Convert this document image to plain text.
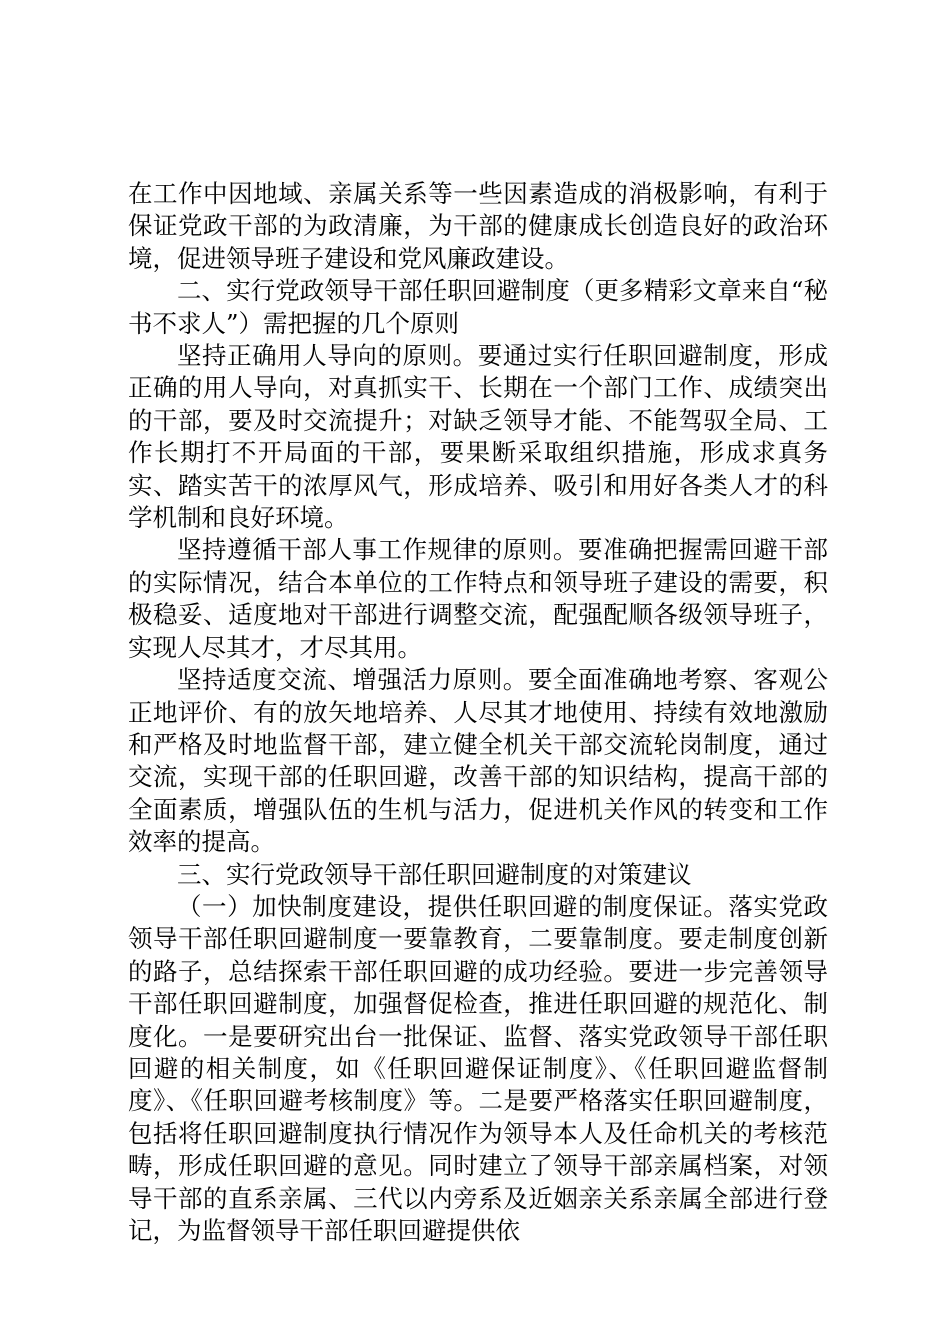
在工作中因地域、亲属关系等一些因素造成的消极影响，有利于保证党政干部的为政清廉，为干部的健康成长创造良好的政治环境，促进领导班子建设和党风廉政建设。

二、实行党政领导干部任职回避制度（更多精彩文章来自“秘书不求人”）需把握的几个原则

坚持正确用人导向的原则。要通过实行任职回避制度，形成正确的用人导向，对真抓实干、长期在一个部门工作、成绩突出的干部，要及时交流提升；对缺乏领导才能、不能驾驭全局、工作长期打不开局面的干部，要果断采取组织措施，形成求真务实、踏实苦干的浓厚风气，形成培养、吸引和用好各类人才的科学机制和良好环境。

坚持遵循干部人事工作规律的原则。要准确把握需回避干部的实际情况，结合本单位的工作特点和领导班子建设的需要，积极稳妥、适度地对干部进行调整交流，配强配顺各级领导班子，实现人尽其才，才尽其用。

坚持适度交流、增强活力原则。要全面准确地考察、客观公正地评价、有的放矢地培养、人尽其才地使用、持续有效地激励和严格及时地监督干部，建立健全机关干部交流轮岗制度，通过交流，实现干部的任职回避，改善干部的知识结构，提高干部的全面素质，增强队伍的生机与活力，促进机关作风的转变和工作效率的提高。

三、实行党政领导干部任职回避制度的对策建议

（一）加快制度建设，提供任职回避的制度保证。落实党政领导干部任职回避制度一要靠教育，二要靠制度。要走制度创新的路子，总结探索干部任职回避的成功经验。要进一步完善领导干部任职回避制度，加强督促检查，推进任职回避的规范化、制度化。一是要研究出台一批保证、监督、落实党政领导干部任职回避的相关制度，如《任职回避保证制度》、《任职回避监督制度》、《任职回避考核制度》等。二是要严格落实任职回避制度，包括将任职回避制度执行情况作为领导本人及任命机关的考核范畴，形成任职回避的意见。同时建立了领导干部亲属档案，对领导干部的直系亲属、三代以内旁系及近姻亲关系亲属全部进行登记，为监督领导干部任职回避提供依
